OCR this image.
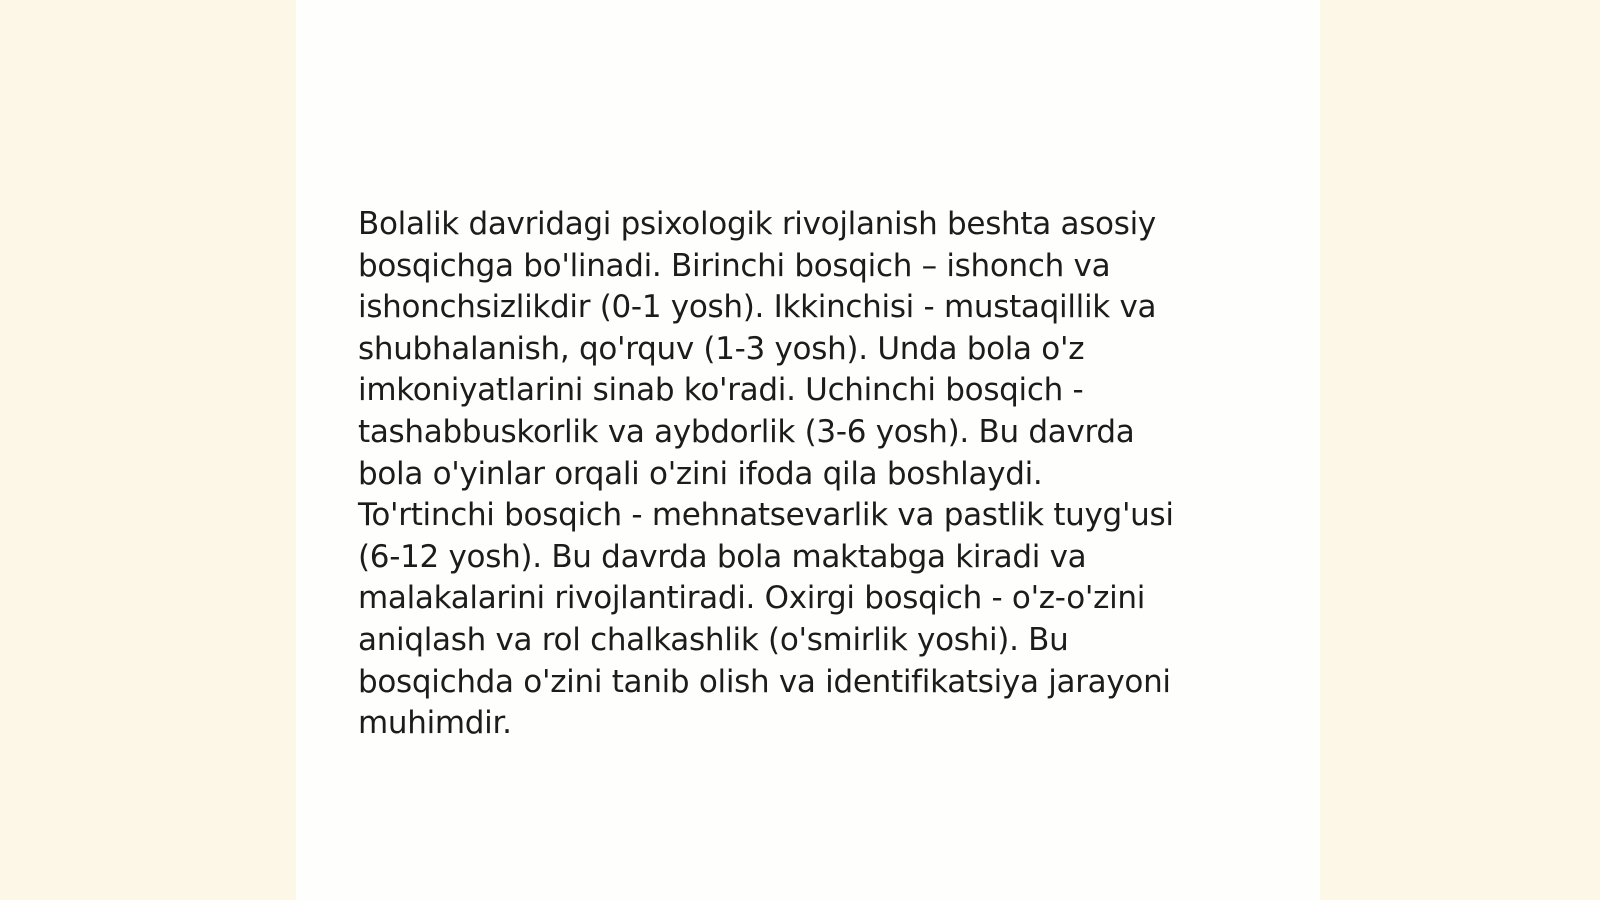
Bolalik davridagi psixologik rivojlanish beshta asosiy
bosqichga bo'linadi. Birinchi bosqich – ishonch va
ishonchsizlikdir (0-1 yosh). Ikkinchisi - mustaqillik va
shubhalanish, qo'rquv (1-3 yosh). Unda bola o'z
imkoniyatlarini sinab ko'radi. Uchinchi bosqich -
tashabbuskorlik va aybdorlik (3-6 yosh). Bu davrda
bola o'yinlar orqali o'zini ifoda qila boshlaydi.
To'rtinchi bosqich - mehnatsevarlik va pastlik tuyg'usi
(6-12 yosh). Bu davrda bola maktabga kiradi va
malakalarini rivojlantiradi. Oxirgi bosqich - o'z-o'zini
aniqlash va rol chalkashlik (o'smirlik yoshi). Bu
bosqichda o'zini tanib olish va identifikatsiya jarayoni
muhimdir.
